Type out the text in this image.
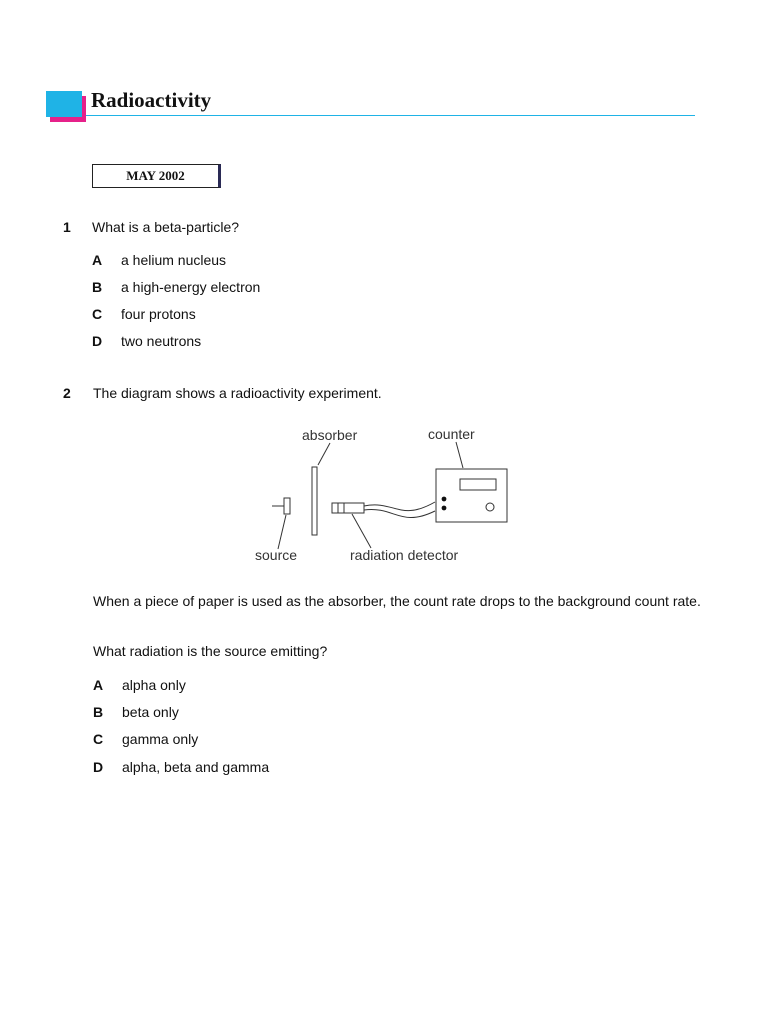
Radioactivity
MAY 2002
1 What is a beta-particle?
A a helium nucleus
B a high-energy electron
C four protons
D two neutrons
2 The diagram shows a radioactivity experiment.
absorber	counter
source	radiation detector
When a piece of paper is used as the absorber, the count rate drops to the background count rate.
What radiation is the source emitting?
A alpha only
B beta only
C gamma only
D alpha, beta and gamma
